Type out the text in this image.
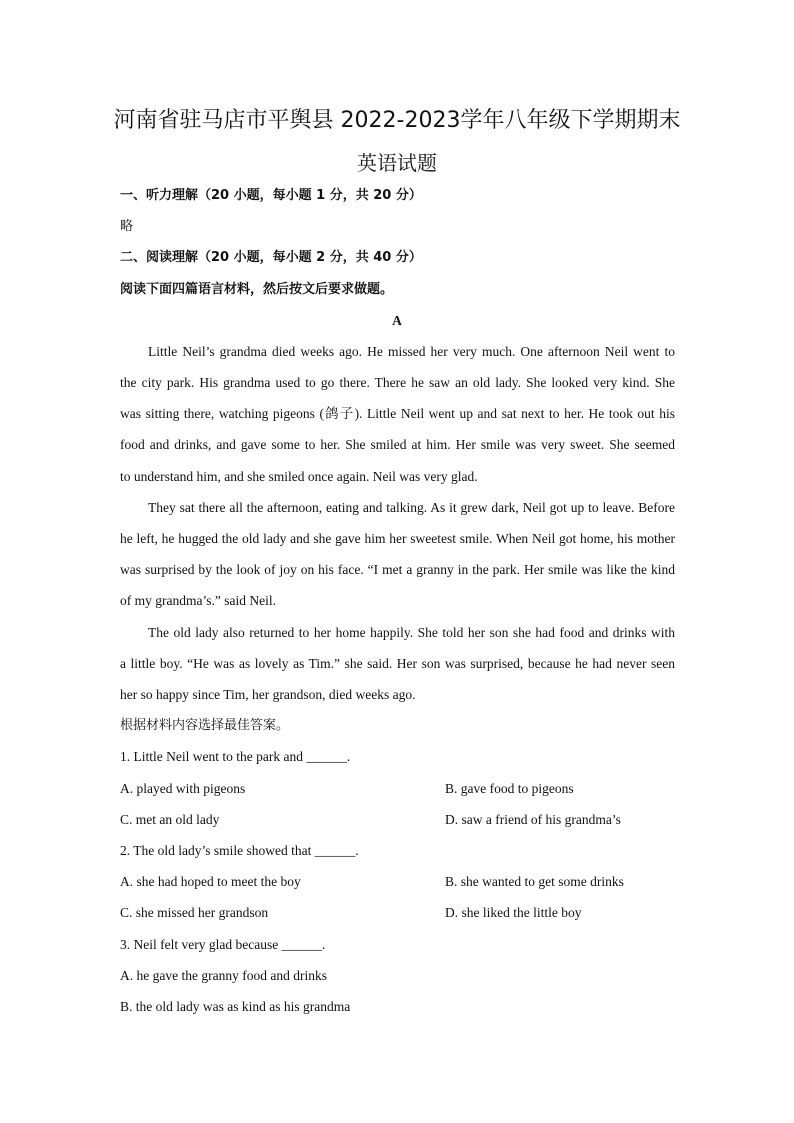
河南省驻马店市平舆县 2022-2023学年八年级下学期期末
英语试题
一、听力理解（20 小题，每小题 1 分，共 20 分）
略
二、阅读理解（20 小题，每小题 2 分，共 40 分）
阅读下面四篇语言材料，然后按文后要求做题。
A
Little Neil’s grandma died weeks ago. He missed her very much. One afternoon Neil went to
the city park. His grandma used to go there. There he saw an old lady. She looked very kind. She
was sitting there, watching pigeons (鸽子). Little Neil went up and sat next to her. He took out his
food and drinks, and gave some to her. She smiled at him. Her smile was very sweet. She seemed
to understand him, and she smiled once again. Neil was very glad.
They sat there all the afternoon, eating and talking. As it grew dark, Neil got up to leave. Before
he left, he hugged the old lady and she gave him her sweetest smile. When Neil got home, his mother
was surprised by the look of joy on his face. “I met a granny in the park. Her smile was like the kind
of my grandma’s.” said Neil.
The old lady also returned to her home happily. She told her son she had food and drinks with
a little boy. “He was as lovely as Tim.” she said. Her son was surprised, because he had never seen
her so happy since Tim, her grandson, died weeks ago.
根据材料内容选择最佳答案。
1. Little Neil went to the park and ______.
A. played with pigeons	B. gave food to pigeons
C. met an old lady	D. saw a friend of his grandma’s
2. The old lady’s smile showed that ______.
A. she had hoped to meet the boy	B. she wanted to get some drinks
C. she missed her grandson	D. she liked the little boy
3. Neil felt very glad because ______.
A. he gave the granny food and drinks
B. the old lady was as kind as his grandma
